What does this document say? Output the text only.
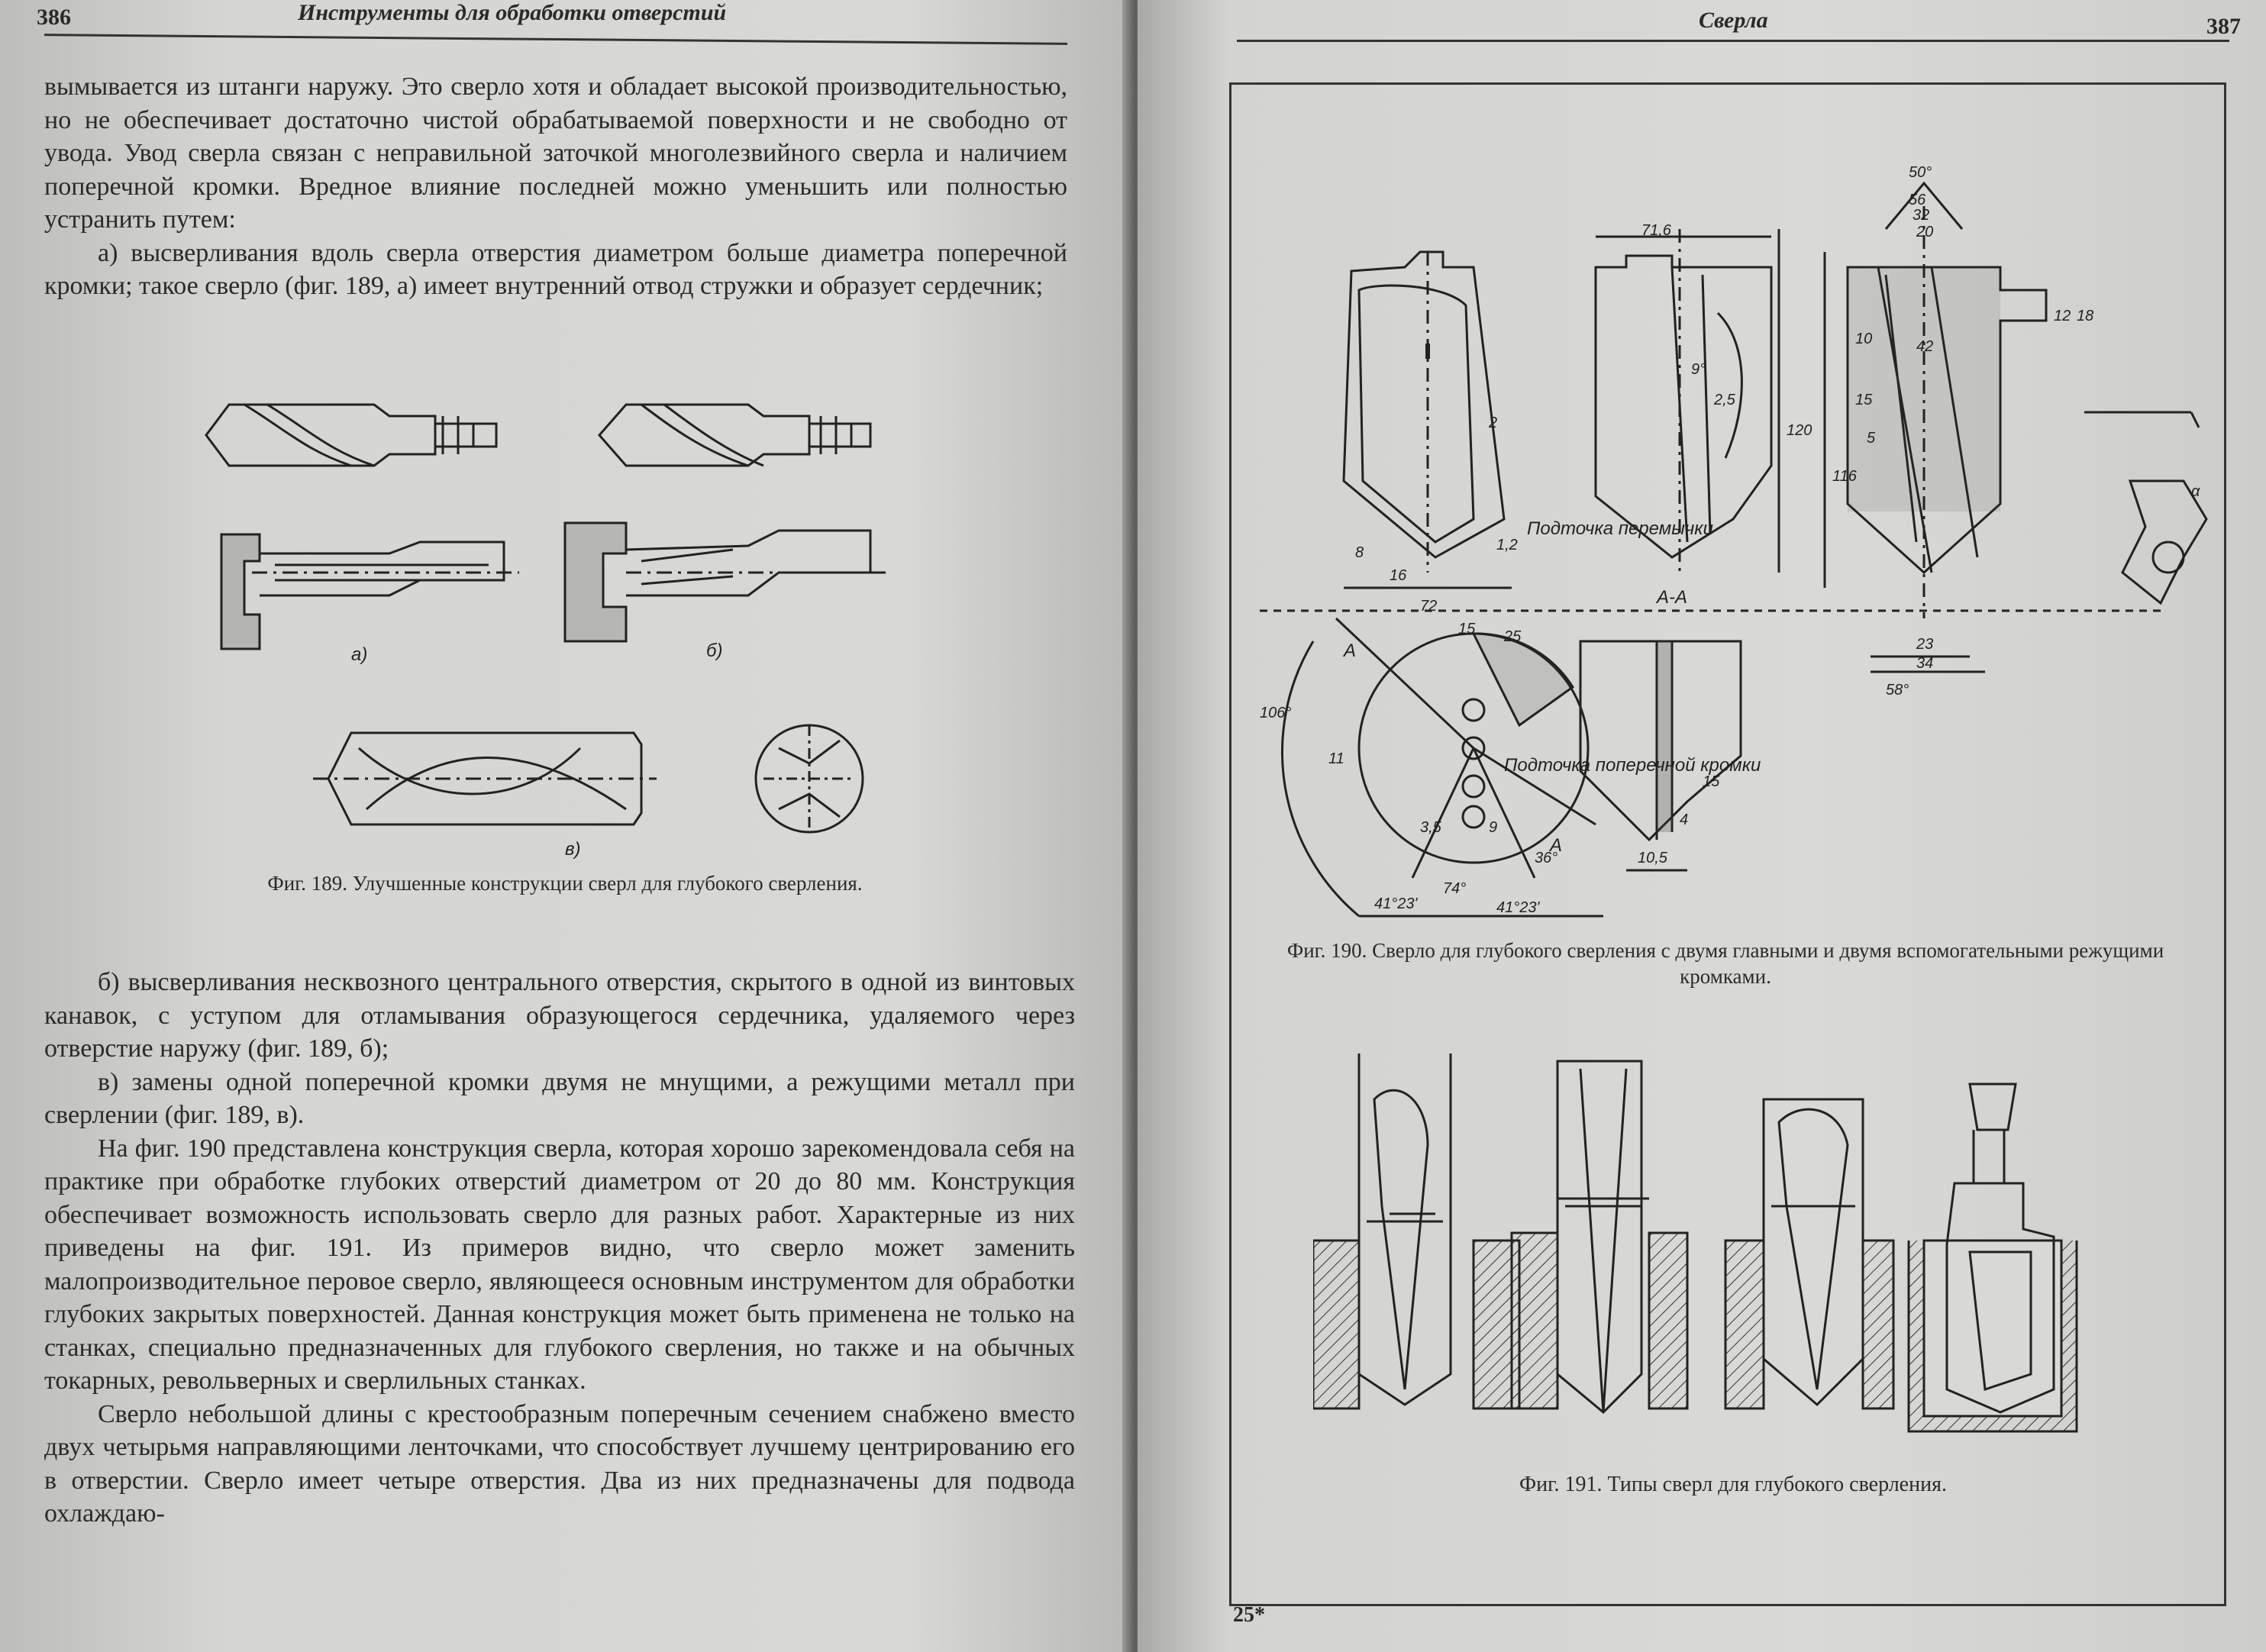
386	Инструменты для обработки отверстий

вымывается из штанги наружу. Это сверло хотя и обладает высокой производительностью, но не обеспечивает достаточно чистой обрабатываемой поверхности и не свободно от увода. Увод сверла связан с неправильной заточкой многолезвийного сверла и наличием поперечной кромки. Вредное влияние последней можно уменьшить или полностью устранить путем:

а) высверливания вдоль сверла отверстия диаметром больше диаметра поперечной кромки; такое сверло (фиг. 189, а) имеет внутренний отвод стружки и образует сердечник;

а)	б)
в)
Фиг. 189. Улучшенные конструкции сверл для глубокого сверления.

б) высверливания несквозного центрального отверстия, скрытого в одной из винтовых канавок, с уступом для отламывания образующегося сердечника, удаляемого через отверстие наружу (фиг. 189, б);

в) замены одной поперечной кромки двумя не мнущими, а режущими металл при сверлении (фиг. 189, в).

На фиг. 190 представлена конструкция сверла, которая хорошо зарекомендовала себя на практике при обработке глубоких отверстий диаметром от 20 до 80 мм. Конструкция обеспечивает возможность использовать сверло для разных работ. Характерные из них приведены на фиг. 191. Из примеров видно, что сверло может заменить малопроизводительное перовое сверло, являющееся основным инструментом для обработки глубоких закрытых поверхностей. Данная конструкция может быть применена не только на станках, специально предназначенных для глубокого сверления, но также и на обычных токарных, револьверных и сверлильных станках.

Сверло небольшой длины с крестообразным поперечным сечением снабжено вместо двух четырьмя направляющими ленточками, что способствует лучшему центрированию его в отверстии. Сверло имеет четыре отверстия. Два из них предназначены для подвода охлаждаю-

Сверла	387
71,6
50°
56
32
20
12 18
10	42
9°
2,5
120
116
15
5
2
8
16
1,2
72
23
34
58°
15 25
106°
11
3,5	9
36°
74°
41°23'	41°23'
15
4
10,5
α
Подточка перемычки
Подточка поперечной кромки
А-А
А
А
Фиг. 190. Сверло для глубокого сверления с двумя главными и двумя вспомогательными режущими кромками.
Фиг. 191. Типы сверл для глубокого сверления.
25*
